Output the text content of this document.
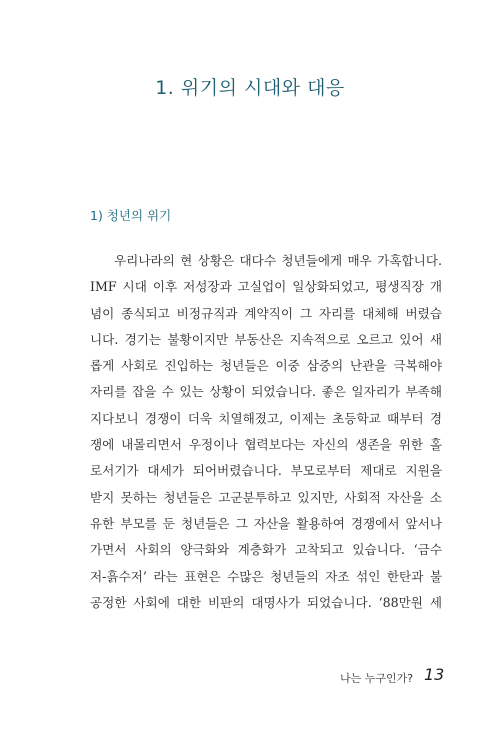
1. 위기의 시대와 대응
1) 청년의 위기
우리나라의 현 상황은 대다수 청년들에게 매우 가혹합니다.
IMF 시대 이후 저성장과 고실업이 일상화되었고, 평생직장 개
념이 종식되고 비정규직과 계약직이 그 자리를 대체해 버렸습
니다. 경기는 불황이지만 부동산은 지속적으로 오르고 있어 새
롭게 사회로 진입하는 청년들은 이중 삼중의 난관을 극복해야
자리를 잡을 수 있는 상황이 되었습니다. 좋은 일자리가 부족해
지다보니 경쟁이 더욱 치열해졌고, 이제는 초등학교 때부터 경
쟁에 내몰리면서 우정이나 협력보다는 자신의 생존을 위한 홀
로서기가 대세가 되어버렸습니다. 부모로부터 제대로 지원을
받지 못하는 청년들은 고군분투하고 있지만, 사회적 자산을 소
유한 부모를 둔 청년들은 그 자산을 활용하여 경쟁에서 앞서나
가면서 사회의 양극화와 계층화가 고착되고 있습니다. ‘금수
저-흙수저’ 라는 표현은 수많은 청년들의 자조 섞인 한탄과 불
공정한 사회에 대한 비판의 대명사가 되었습니다. ‘88만원 세
나는 누구인가? 13
